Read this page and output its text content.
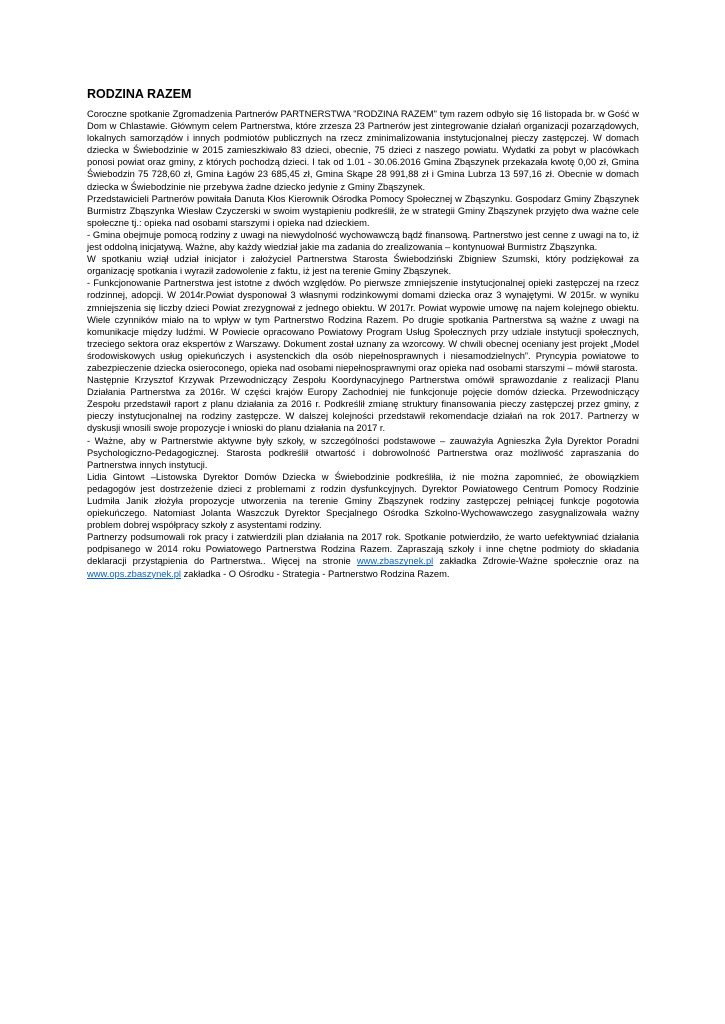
RODZINA RAZEM

Coroczne spotkanie Zgromadzenia Partnerów PARTNERSTWA "RODZINA RAZEM" tym razem odbyło się 16 listopada br. w Gość w Dom w Chlastawie. Głównym celem Partnerstwa, które zrzesza 23 Partnerów jest zintegrowanie działań organizacji pozarządowych, lokalnych samorządów i innych podmiotów publicznych na rzecz zminimalizowania instytucjonalnej pieczy zastępczej. W domach dziecka w Świebodzinie w 2015 zamieszkiwało 83 dzieci, obecnie, 75 dzieci z naszego powiatu. Wydatki za pobyt w placówkach ponosi powiat oraz gminy, z których pochodzą dzieci. I tak od 1.01 - 30.06.2016 Gmina Zbąszynek przekazała kwotę 0,00 zł, Gmina Świebodzin 75 728,60 zł, Gmina Łagów 23 685,45 zł, Gmina Skąpe 28 991,88 zł i Gmina Lubrza 13 597,16 zł. Obecnie w domach dziecka w Świebodzinie nie przebywa żadne dziecko jedynie z Gminy Zbąszynek.

Przedstawicieli Partnerów powitała Danuta Kłos Kierownik Ośrodka Pomocy Społecznej w Zbąszynku. Gospodarz Gminy Zbąszynek Burmistrz Zbąszynka Wiesław Czyczerski w swoim wystąpieniu podkreślił, że w strategii Gminy Zbąszynek przyjęto dwa ważne cele społeczne tj.: opieka nad osobami starszymi i opieka nad dzieckiem.

- Gmina obejmuje pomocą rodziny z uwagi na niewydolność wychowawczą bądź finansową. Partnerstwo jest cenne z uwagi na to, iż jest oddolną inicjatywą. Ważne, aby każdy wiedział jakie ma zadania do zrealizowania – kontynuował Burmistrz Zbąszynka.

W spotkaniu wziął udział inicjator i założyciel Partnerstwa Starosta Świebodziński Zbigniew Szumski, który podziękował za organizację spotkania i wyraził zadowolenie z faktu, iż jest na terenie Gminy Zbąszynek.

- Funkcjonowanie Partnerstwa jest istotne z dwóch względów. Po pierwsze zmniejszenie instytucjonalnej opieki zastępczej na rzecz rodzinnej, adopcji. W 2014r.Powiat dysponował 3 własnymi rodzinkowymi domami dziecka oraz 3 wynajętymi. W 2015r. w wyniku zmniejszenia się liczby dzieci Powiat zrezygnował z jednego obiektu. W 2017r. Powiat wypowie umowę na najem kolejnego obiektu. Wiele czynników miało na to wpływ w tym Partnerstwo Rodzina Razem. Po drugie spotkania Partnerstwa są ważne z uwagi na komunikacje między ludźmi. W Powiecie opracowano Powiatowy Program Usług Społecznych przy udziale instytucji społecznych, trzeciego sektora oraz ekspertów z Warszawy. Dokument został uznany za wzorcowy. W chwili obecnej oceniany jest projekt „Model środowiskowych usług opiekuńczych i asystenckich dla osób niepełnosprawnych i niesamodzielnych”. Pryncypia powiatowe to zabezpieczenie dziecka osieroconego, opieka nad osobami niepełnosprawnymi oraz opieka nad osobami starszymi – mówił starosta.

Następnie Krzysztof Krzywak Przewodniczący Zespołu Koordynacyjnego Partnerstwa omówił sprawozdanie z realizacji Planu Działania Partnerstwa za 2016r. W części krajów Europy Zachodniej nie funkcjonuje pojęcie domów dziecka. Przewodniczący Zespołu przedstawił raport z planu działania za 2016 r. Podkreślił zmianę struktury finansowania pieczy zastępczej przez gminy, z pieczy instytucjonalnej na rodziny zastępcze. W dalszej kolejności przedstawił rekomendacje działań na rok 2017. Partnerzy w dyskusji wnosili swoje propozycje i wnioski do planu działania na 2017 r.

- Ważne, aby w Partnerstwie aktywne były szkoły, w szczególności podstawowe – zauważyła Agnieszka Żyła Dyrektor Poradni Psychologiczno-Pedagogicznej. Starosta podkreślił otwartość i dobrowolność Partnerstwa oraz możliwość zapraszania do Partnerstwa innych instytucji.

Lidia Gintowt –Listowska Dyrektor Domów Dziecka w Świebodzinie podkreśliła, iż nie można zapomnieć, że obowiązkiem pedagogów jest dostrzeżenie dzieci z problemami z rodzin dysfunkcyjnych. Dyrektor Powiatowego Centrum Pomocy Rodzinie Ludmiła Janik złożyła propozycje utworzenia na terenie Gminy Zbąszynek rodziny zastępczej pełniącej funkcje pogotowia opiekuńczego. Natomiast Jolanta Waszczuk Dyrektor Specjalnego Ośrodka Szkolno-Wychowawczego zasygnalizowała ważny problem dobrej współpracy szkoły z asystentami rodziny.

Partnerzy podsumowali rok pracy i zatwierdzili plan działania na 2017 rok. Spotkanie potwierdziło, że warto uefektywniać działania podpisanego w 2014 roku Powiatowego Partnerstwa Rodzina Razem. Zapraszają szkoły i inne chętne podmioty do składania deklaracji przystąpienia do Partnerstwa.. Więcej na stronie www.zbaszynek.pl zakładka Zdrowie-Ważne społecznie oraz na www.ops.zbaszynek.pl zakładka - O Ośrodku - Strategia - Partnerstwo Rodzina Razem.
